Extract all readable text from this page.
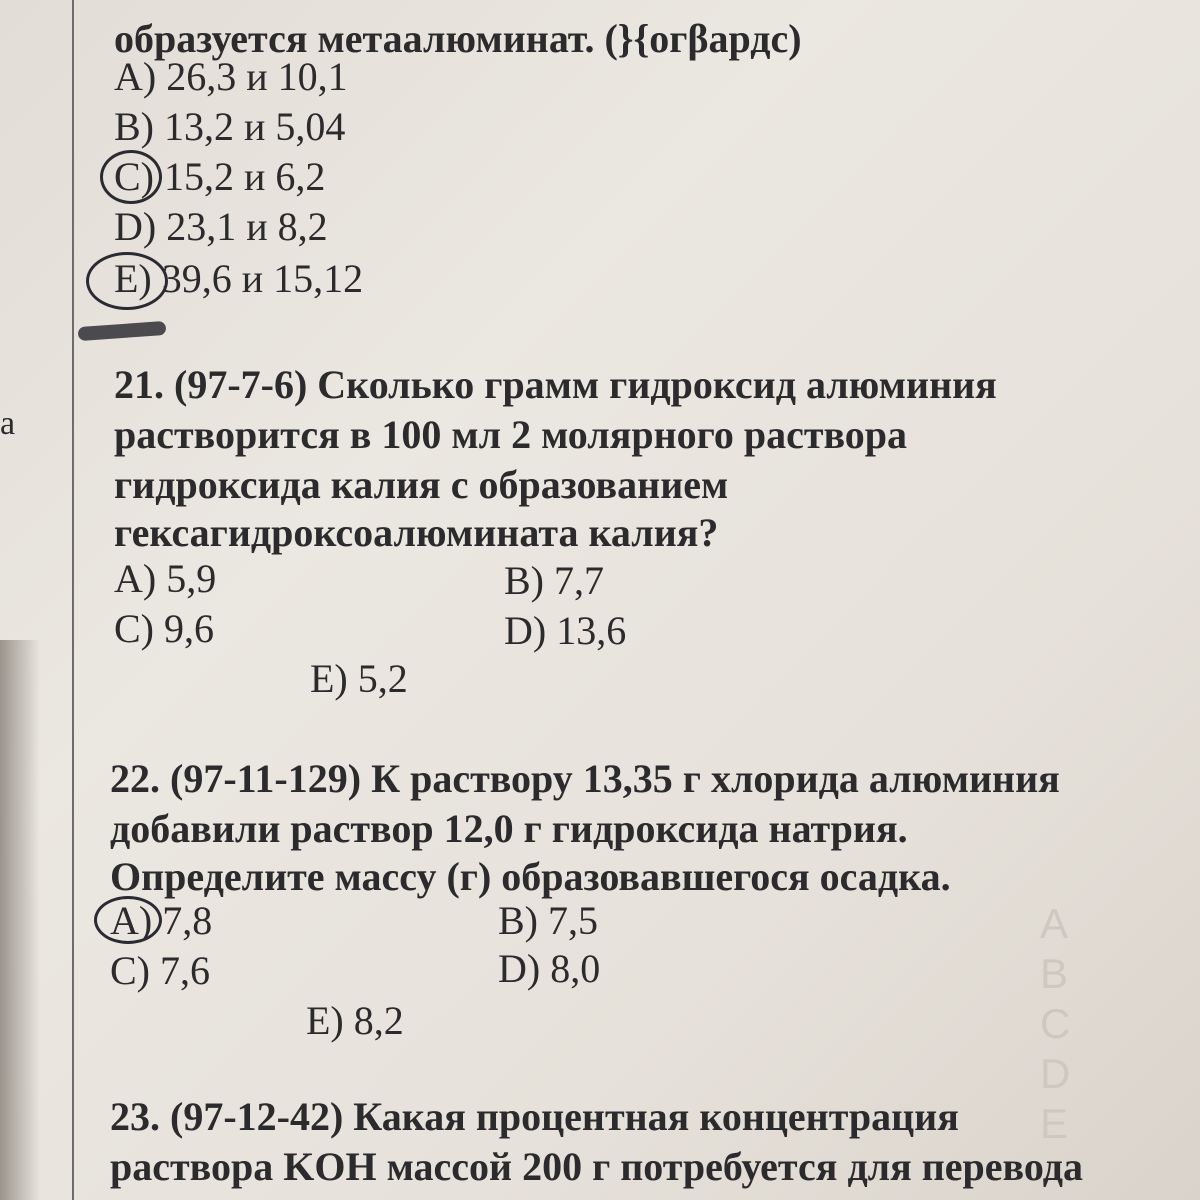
a
образуется метаалюминат. (}{огβардс)
A) 26,3 и 10,1
B) 13,2 и 5,04
C) 15,2 и 6,2
D) 23,1 и 8,2
E) 39,6 и 15,12
21. (97-7-6) Сколько грамм гидроксид алюминия
растворится в 100 мл 2 молярного раствора
гидроксида калия с образованием
гексагидроксоалюмината калия?
A) 5,9	B) 7,7
C) 9,6	D) 13,6
E) 5,2
22. (97-11-129) К раствору 13,35 г хлорида алюминия
добавили раствор 12,0 г гидроксида натрия.
Определите массу (г) образовавшегося осадка.
A) 7,8	B) 7,5
C) 7,6	D) 8,0
E) 8,2
23. (97-12-42) Какая процентная концентрация
раствора KOH массой 200 г потребуется для перевода
A
B
C
D
E
